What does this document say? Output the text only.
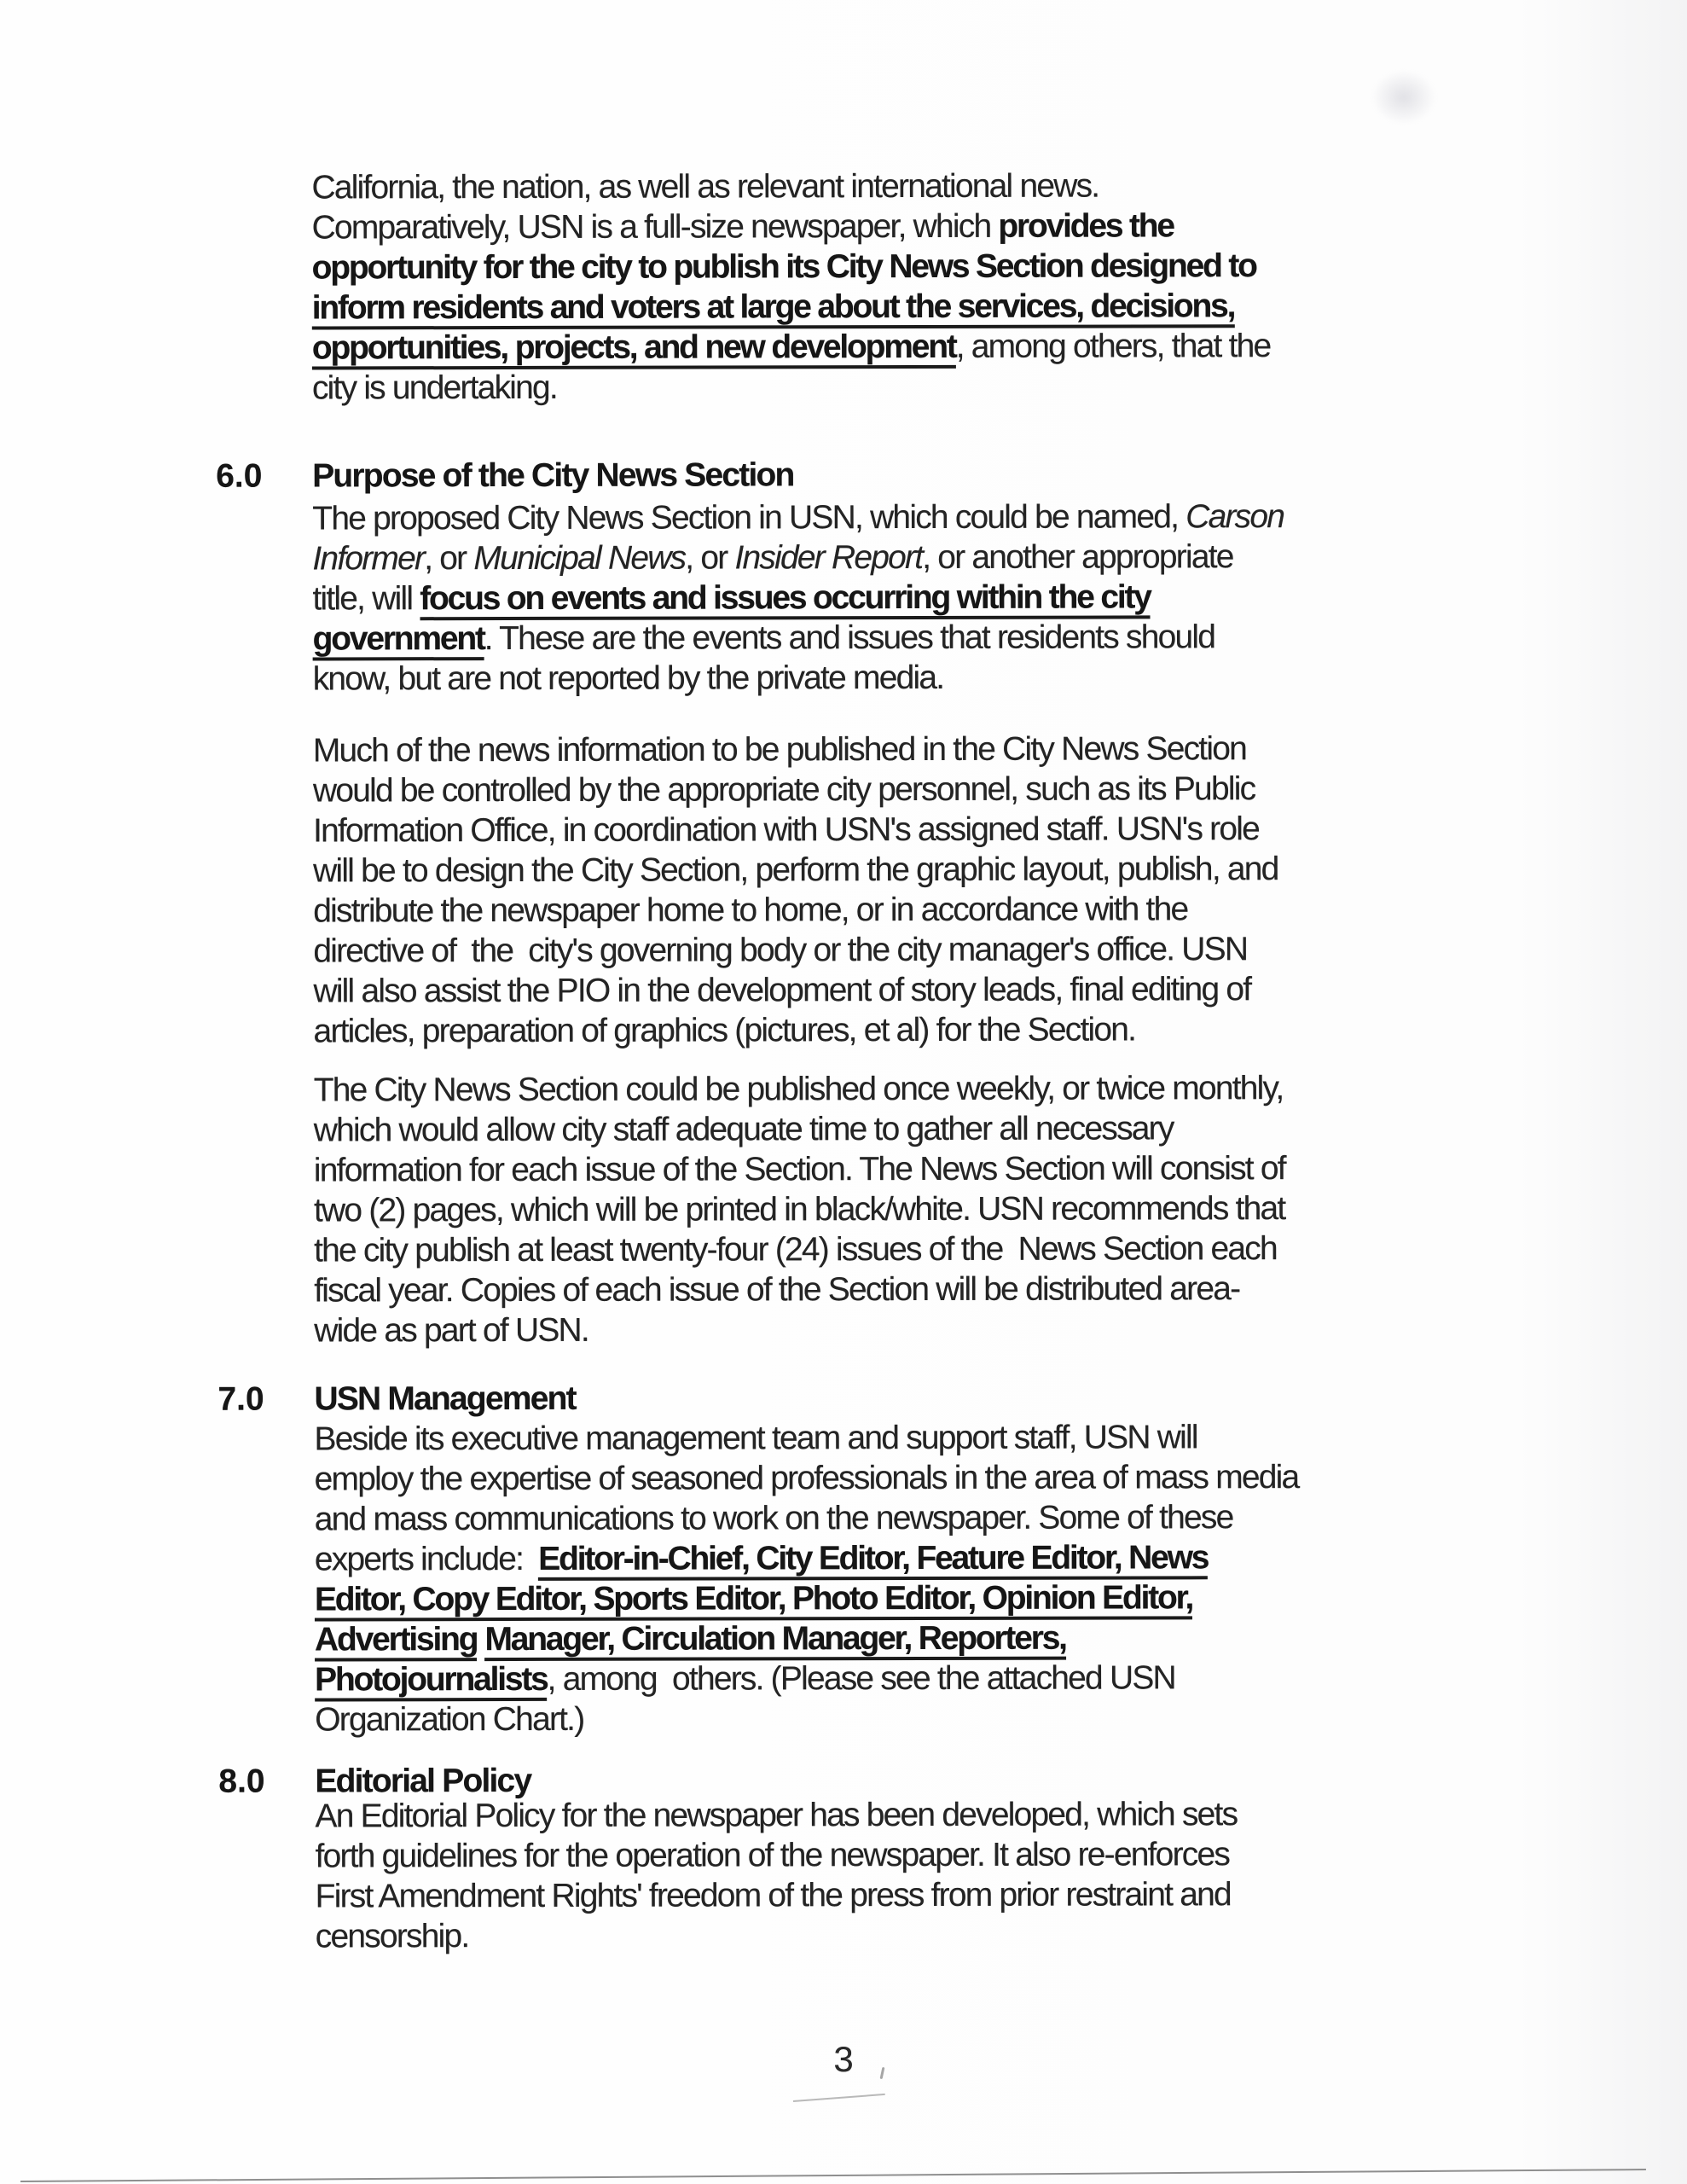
California, the nation, as well as relevant international news.
Comparatively, USN is a full-size newspaper, which provides the
opportunity for the city to publish its City News Section designed to
inform residents and voters at large about the services, decisions,
opportunities, projects, and new development, among others, that the
city is undertaking.
6.0 Purpose of the City News Section
The proposed City News Section in USN, which could be named, Carson
Informer, or Municipal News, or Insider Report, or another appropriate
title, will focus on events and issues occurring within the city
government. These are the events and issues that residents should
know, but are not reported by the private media.
Much of the news information to be published in the City News Section
would be controlled by the appropriate city personnel, such as its Public
Information Office, in coordination with USN's assigned staff. USN's role
will be to design the City Section, perform the graphic layout, publish, and
distribute the newspaper home to home, or in accordance with the
directive of  the  city's governing body or the city manager's office. USN
will also assist the PIO in the development of story leads, final editing of
articles, preparation of graphics (pictures, et al) for the Section.
The City News Section could be published once weekly, or twice monthly,
which would allow city staff adequate time to gather all necessary
information for each issue of the Section. The News Section will consist of
two (2) pages, which will be printed in black/white. USN recommends that
the city publish at least twenty-four (24) issues of the  News Section each
fiscal year. Copies of each issue of the Section will be distributed area-
wide as part of USN.
7.0 USN Management
Beside its executive management team and support staff, USN will
employ the expertise of seasoned professionals in the area of mass media
and mass communications to work on the newspaper. Some of these
experts include:  Editor-in-Chief, City Editor, Feature Editor, News
Editor, Copy Editor, Sports Editor, Photo Editor, Opinion Editor,
Advertising Manager, Circulation Manager, Reporters,
Photojournalists, among  others. (Please see the attached USN
Organization Chart.)
8.0 Editorial Policy
An Editorial Policy for the newspaper has been developed, which sets
forth guidelines for the operation of the newspaper. It also re-enforces
First Amendment Rights' freedom of the press from prior restraint and
censorship.
3
